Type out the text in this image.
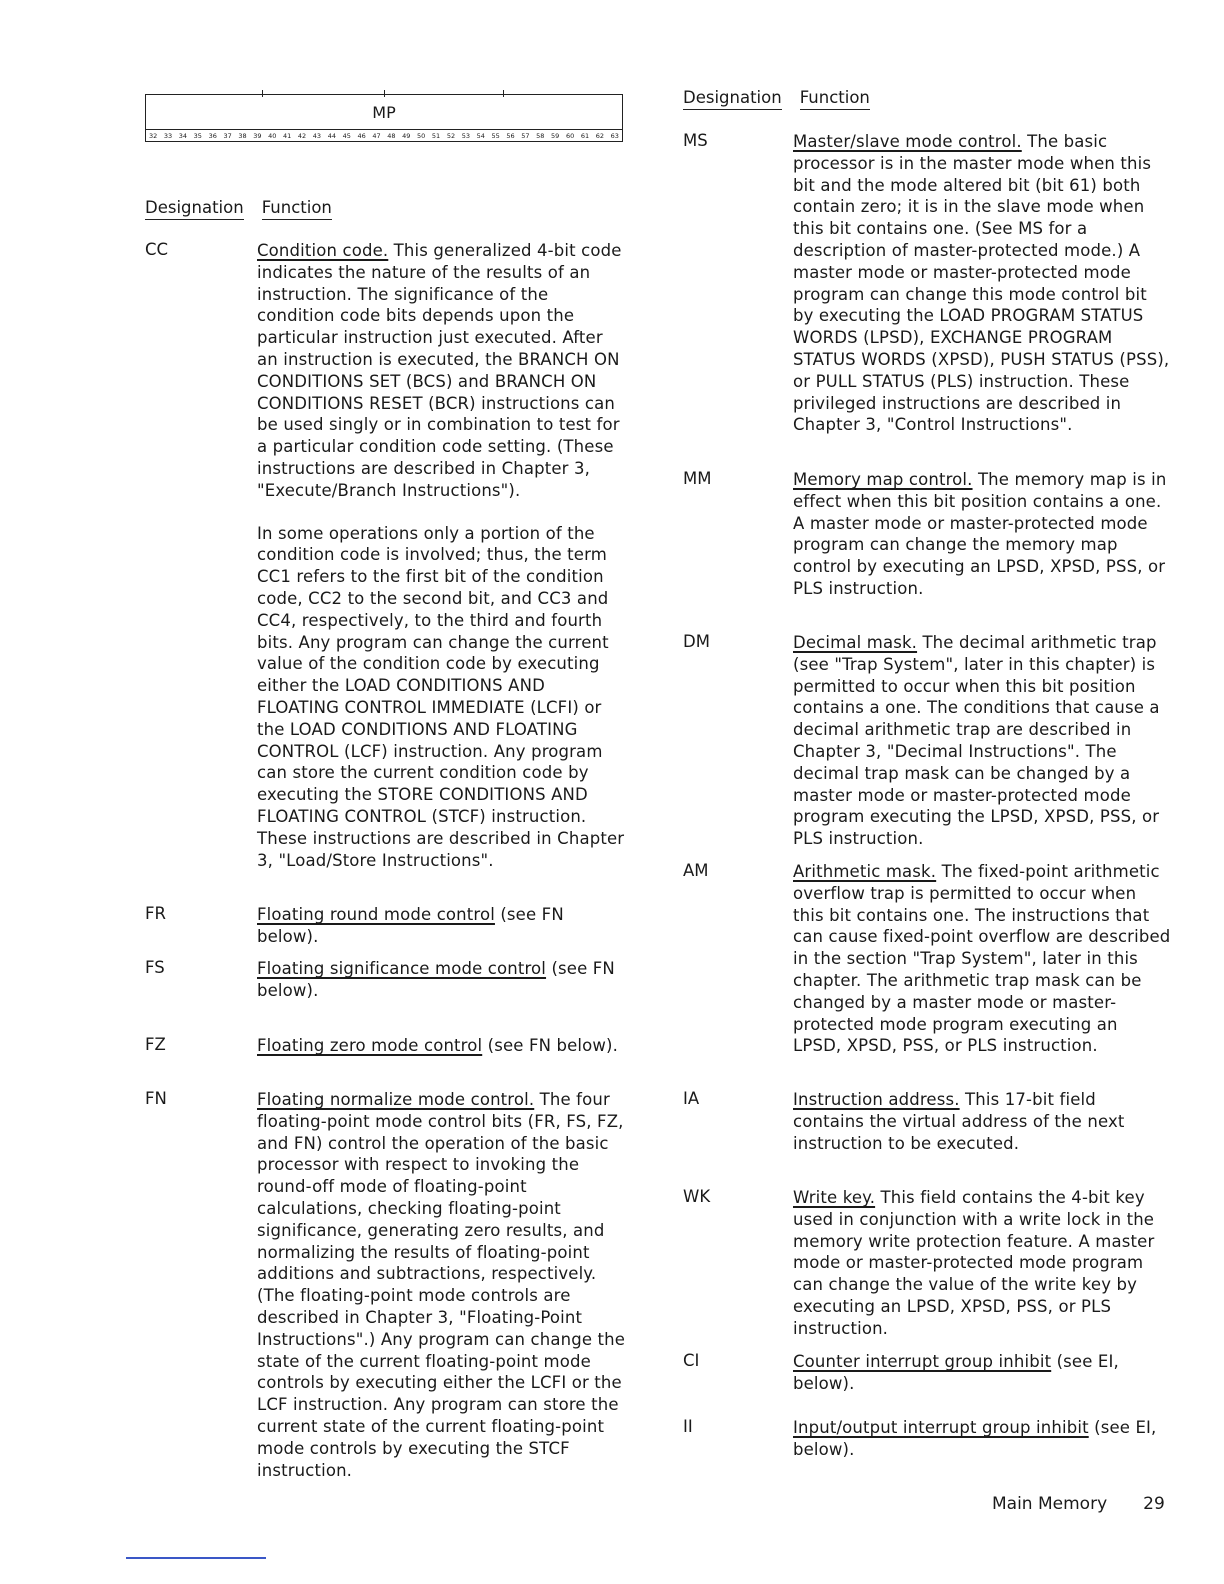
MP
32 33 34 35 36 37 38 39 40 41 42 43 44 45 46 47 48 49 50 51 52 53 54 55 56 57 58 59 60 61 62 63
Designation Function
CC	Condition code. This generalized 4-bit code indicates the nature of the results of an instruction. The significance of the condition code bits depends upon the particular instruction just executed. After an instruction is executed, the BRANCH ON CONDITIONS SET (BCS) and BRANCH ON CONDITIONS RESET (BCR) instructions can be used singly or in combination to test for a particular condition code setting. (These instructions are described in Chapter 3, "Execute/Branch Instructions").

In some operations only a portion of the condition code is involved; thus, the term CC1 refers to the first bit of the condition code, CC2 to the second bit, and CC3 and CC4, respectively, to the third and fourth bits. Any program can change the current value of the condition code by executing either the LOAD CONDITIONS AND FLOATING CONTROL IMMEDIATE (LCFI) or the LOAD CONDITIONS AND FLOATING CONTROL (LCF) instruction. Any program can store the current condition code by executing the STORE CONDITIONS AND FLOATING CONTROL (STCF) instruction. These instructions are described in Chapter 3, "Load/Store Instructions".

FR	Floating round mode control (see FN below).
FS	Floating significance mode control (see FN below).
FZ	Floating zero mode control (see FN below).
FN	Floating normalize mode control. The four floating-point mode control bits (FR, FS, FZ, and FN) control the operation of the basic processor with respect to invoking the round-off mode of floating-point calculations, checking floating-point significance, generating zero results, and normalizing the results of floating-point additions and subtractions, respectively. (The floating-point mode controls are described in Chapter 3, "Floating-Point Instructions".) Any program can change the state of the current floating-point mode controls by executing either the LCFI or the LCF instruction. Any program can store the current state of the current floating-point mode controls by executing the STCF instruction.
Designation Function
MS	Master/slave mode control. The basic processor is in the master mode when this bit and the mode altered bit (bit 61) both contain zero; it is in the slave mode when this bit contains one. (See MS for a description of master-protected mode.) A master mode or master-protected mode program can change this mode control bit by executing the LOAD PROGRAM STATUS WORDS (LPSD), EXCHANGE PROGRAM STATUS WORDS (XPSD), PUSH STATUS (PSS), or PULL STATUS (PLS) instruction. These privileged instructions are described in Chapter 3, "Control Instructions".
MM	Memory map control. The memory map is in effect when this bit position contains a one. A master mode or master-protected mode program can change the memory map control by executing an LPSD, XPSD, PSS, or PLS instruction.
DM	Decimal mask. The decimal arithmetic trap (see "Trap System", later in this chapter) is permitted to occur when this bit position contains a one. The conditions that cause a decimal arithmetic trap are described in Chapter 3, "Decimal Instructions". The decimal trap mask can be changed by a master mode or master-protected mode program executing the LPSD, XPSD, PSS, or PLS instruction.
AM	Arithmetic mask. The fixed-point arithmetic overflow trap is permitted to occur when this bit contains one. The instructions that can cause fixed-point overflow are described in the section "Trap System", later in this chapter. The arithmetic trap mask can be changed by a master mode or master-protected mode program executing an LPSD, XPSD, PSS, or PLS instruction.
IA	Instruction address. This 17-bit field contains the virtual address of the next instruction to be executed.
WK	Write key. This field contains the 4-bit key used in conjunction with a write lock in the memory write protection feature. A master mode or master-protected mode program can change the value of the write key by executing an LPSD, XPSD, PSS, or PLS instruction.
CI	Counter interrupt group inhibit (see EI, below).
II	Input/output interrupt group inhibit (see EI, below).
Main Memory 29
